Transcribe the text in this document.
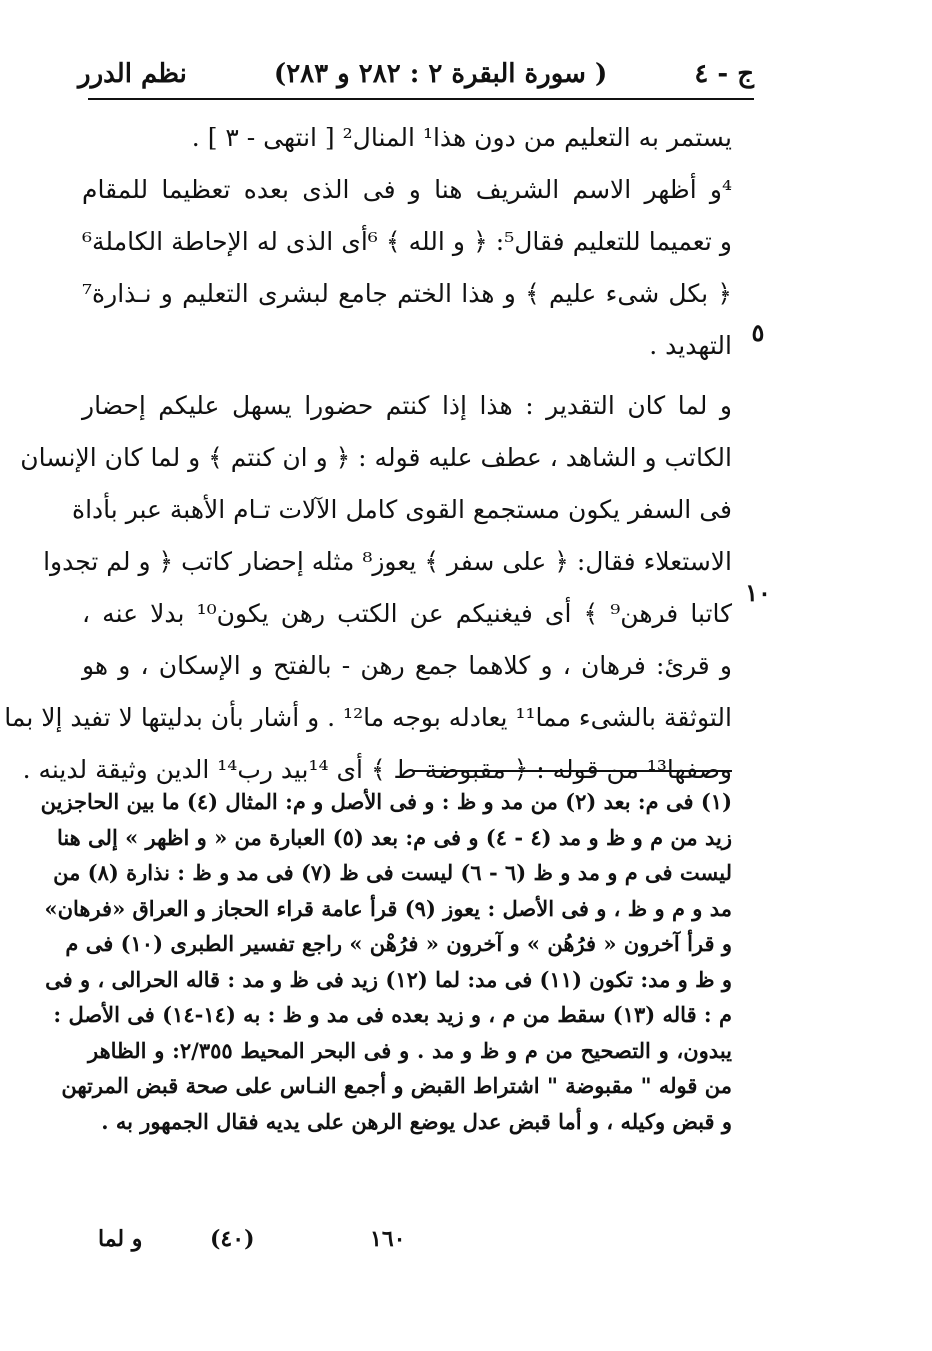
نظم الدرر	( سورة البقرة ٢ : ٢٨٢ و ٢٨٣)	ج - ٤
يستمر به التعليم من دون هذا¹ المنال² [ انتهى - ٣ ] .
⁴و أظهر الاسم الشريف هنا و فى الذى بعده تعظيما للمقام
و تعميما للتعليم فقال⁵: ﴿ و الله ﴾ ⁶أى الذى له الإحاطة الكاملة⁶
﴿ بكل شىء عليم ﴾ و هذا الختم جامع لبشرى التعليم و نـذارة⁷
التهديد .
و لما كان التقدير : هذا إذا كنتم حضورا يسهل عليكم إحضار
الكاتب و الشاهد ، عطف عليه قوله : ﴿ و ان كنتم ﴾ و لما كان الإنسان
فى السفر يكون مستجمع القوى كامل الآلات تـام الأهبة عبر بأداة
الاستعلاء فقال: ﴿ على سفر ﴾ يعوز⁸ مثله إحضار كاتب ﴿ و لم تجدوا
كاتبا فرهن⁹ ﴾ أى فيغنيكم عن الكتب رهن يكون¹⁰ بدلا عنه ،
و قرئ: فرهان ، و كلاهما جمع رهن - بالفتح و الإسكان ، و هو
التوثقة بالشىء مما¹¹ يعادله بوجه ما¹² . و أشار بأن بدليتها لا تفيد إلا بما
وصفها¹³ من قوله : ﴿ مقبوضة ط ﴾ أى ¹⁴بيد رب¹⁴ الدين وثيقة لدينه .
٥
١٠
(١) فى م: بعد (٢) من مد و ظ : و فى الأصل و م: المثال (٤) ما بين الحاجزين
زيد من م و ظ و مد (٤ - ٤) و فى م: بعد (٥) العبارة من « و اظهر » إلى هنا
ليست فى م و مد و ظ (٦ - ٦) ليست فى ظ (٧) فى مد و ظ : نذارة (٨) من
مد و م و ظ ، و فى الأصل : يعوز (٩) قرأ عامة قراء الحجاز و العراق «فرهان»
و قرأ آخرون « فرُهُن » و آخرون « فرُهْن » راجع تفسير الطبرى (١٠) فى م
و ظ و مد: تكون (١١) فى مد: لما (١٢) زيد فى ظ و مد : قاله الحرالى ، و فى
م : قاله (١٣) سقط من م ، و زيد بعده فى مد و ظ : به (١٤-١٤) فى الأصل :
يبدون، و التصحيح من م و ظ و مد . و فى البحر المحيط ٢/٣٥٥: و الظاهر
من قوله " مقبوضة " اشتراط القبض و أجمع النـاس على صحة قبض المرتهن
و قبض وكيله ، و أما قبض عدل يوضع الرهن على يديه فقال الجمهور به .
١٦٠
(٤٠)
و لما
